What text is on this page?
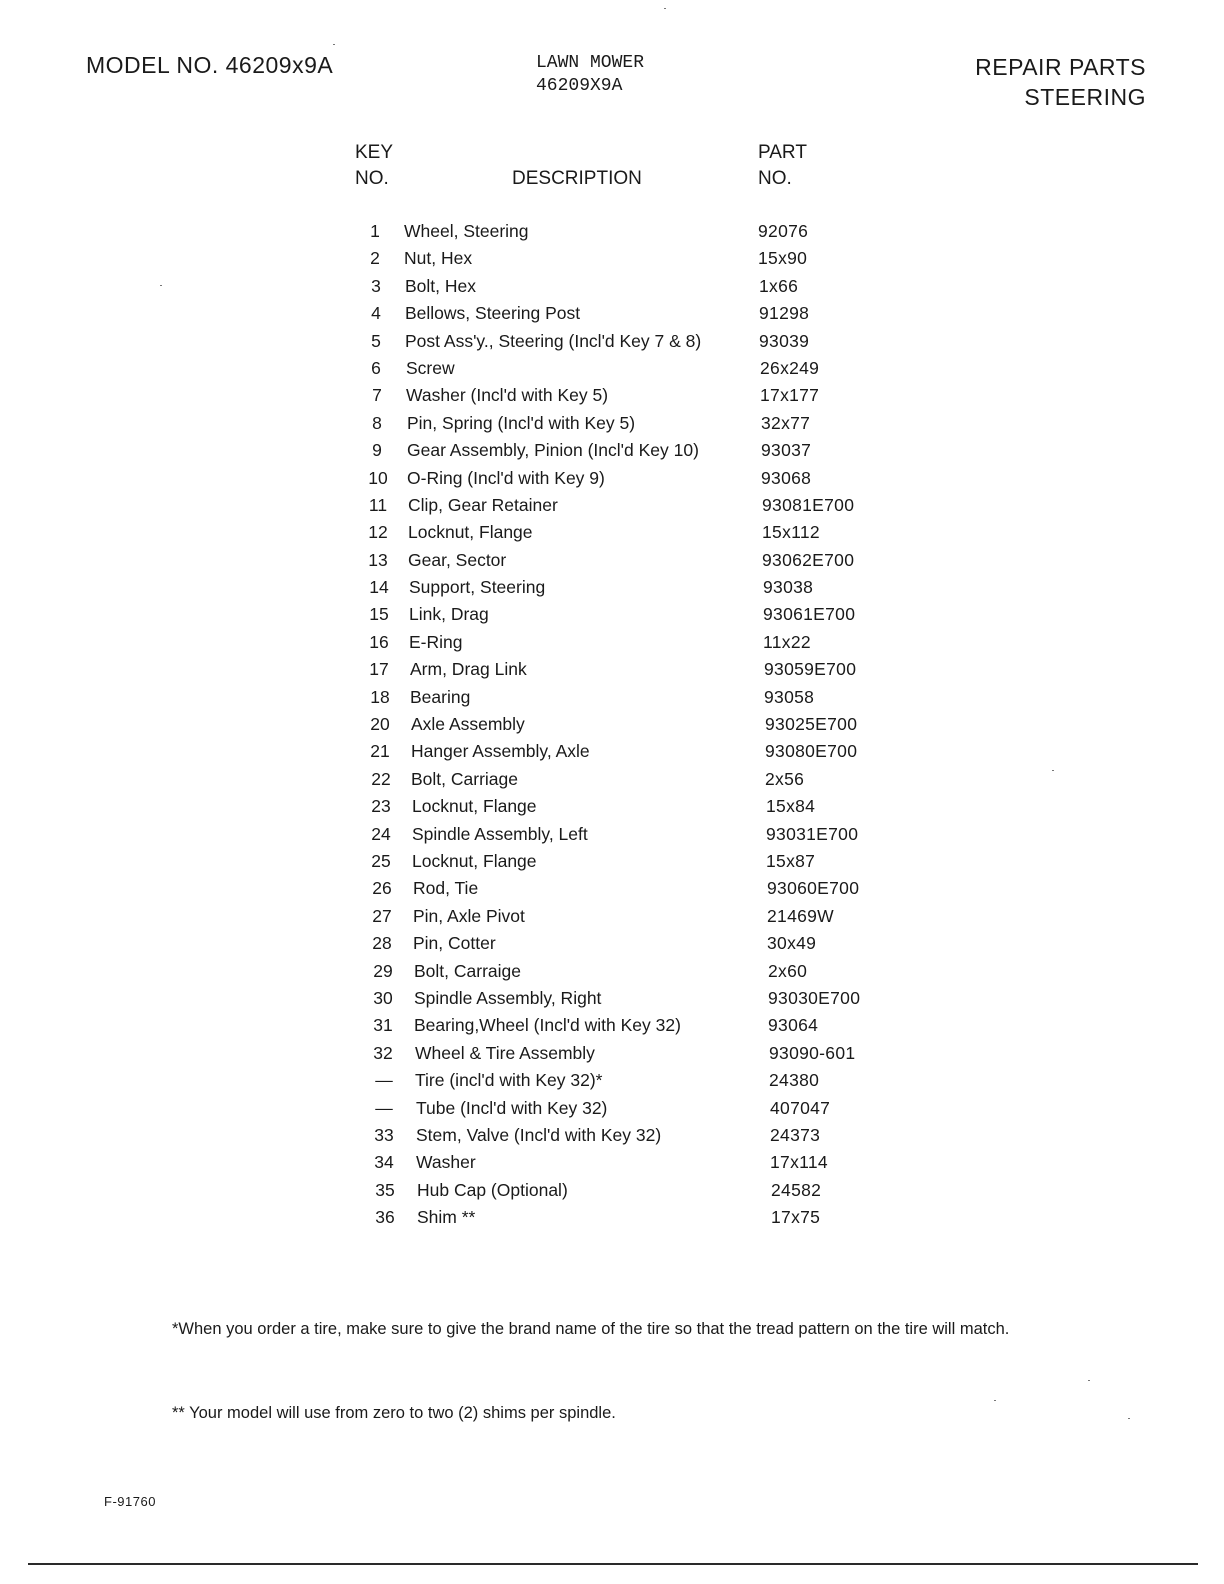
MODEL NO. 46209x9A	LAWN MOWER
46209X9A
REPAIR PARTS
STEERING
KEY
NO.	DESCRIPTION
PART
NO.
1	Wheel, Steering	92076
2	Nut, Hex	15x90
3	Bolt, Hex	1x66
4	Bellows, Steering Post	91298
5	Post Ass'y., Steering (Incl'd Key 7 & 8)	93039
6	Screw	26x249
7	Washer (Incl'd with Key 5)	17x177
8	Pin, Spring (Incl'd with Key 5)	32x77
9	Gear Assembly, Pinion (Incl'd Key 10)	93037
10	O-Ring (Incl'd with Key 9)	93068
11	Clip, Gear Retainer	93081E700
12	Locknut, Flange	15x112
13	Gear, Sector	93062E700
14	Support, Steering	93038
15	Link, Drag	93061E700
16	E-Ring	11x22
17	Arm, Drag Link	93059E700
18	Bearing	93058
20	Axle Assembly	93025E700
21	Hanger Assembly, Axle	93080E700
22	Bolt, Carriage	2x56
23	Locknut, Flange	15x84
24	Spindle Assembly, Left	93031E700
25	Locknut, Flange	15x87
26	Rod, Tie	93060E700
27	Pin, Axle Pivot	21469W
28	Pin, Cotter	30x49
29	Bolt, Carraige	2x60
30	Spindle Assembly, Right	93030E700
31	Bearing,Wheel (Incl'd with Key 32)	93064
32	Wheel & Tire Assembly	93090-601
—	Tire (incl'd with Key 32)*	24380
—	Tube (Incl'd with Key 32)	407047
33	Stem, Valve (Incl'd with Key 32)	24373
34	Washer	17x114
35	Hub Cap (Optional)	24582
36	Shim **	17x75
*When you order a tire, make sure to give the brand name of the tire so that the tread pattern on the tire will match.
** Your model will use from zero to two (2) shims per spindle.
F-91760
